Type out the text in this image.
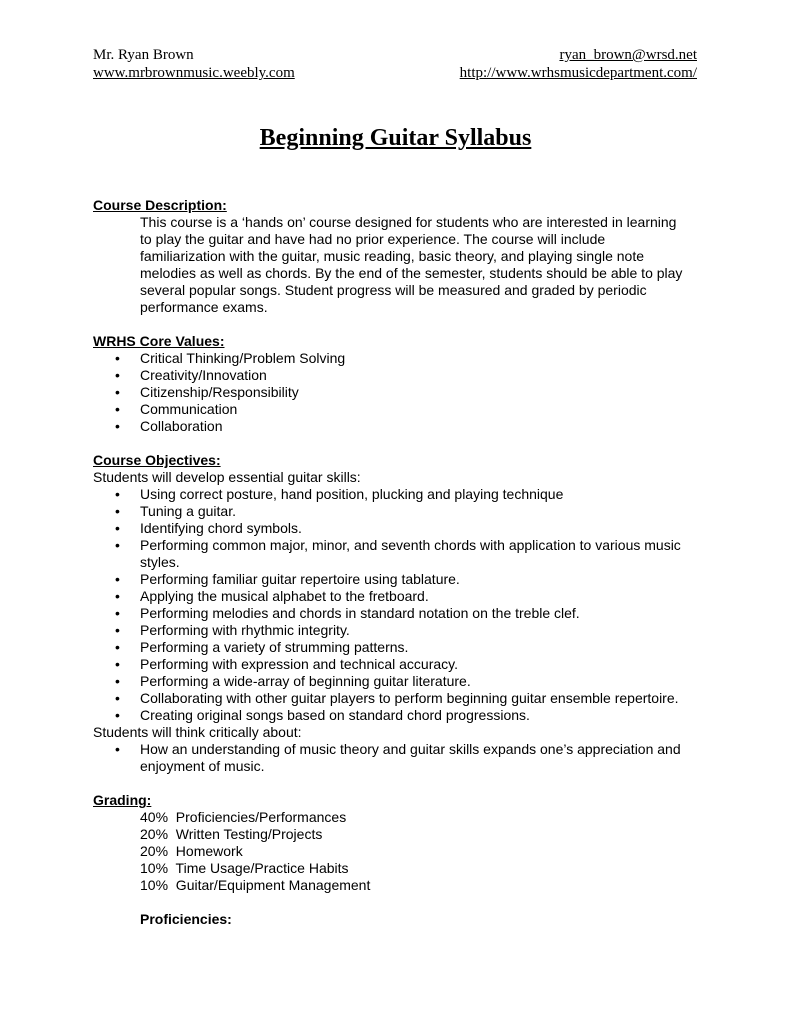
Mr. Ryan Brown
www.mrbrownmusic.weebly.com
ryan_brown@wrsd.net
http://www.wrhsmusicdepartment.com/
Beginning Guitar Syllabus
Course Description:
This course is a ‘hands on’ course designed for students who are interested in learning
to play the guitar and have had no prior experience. The course will include
familiarization with the guitar, music reading, basic theory, and playing single note
melodies as well as chords. By the end of the semester, students should be able to play
several popular songs. Student progress will be measured and graded by periodic
performance exams.
WRHS Core Values:
• Critical Thinking/Problem Solving
• Creativity/Innovation
• Citizenship/Responsibility
• Communication
• Collaboration
Course Objectives:
Students will develop essential guitar skills:
• Using correct posture, hand position, plucking and playing technique
• Tuning a guitar.
• Identifying chord symbols.
• Performing common major, minor, and seventh chords with application to various music
styles.
• Performing familiar guitar repertoire using tablature.
• Applying the musical alphabet to the fretboard.
• Performing melodies and chords in standard notation on the treble clef.
• Performing with rhythmic integrity.
• Performing a variety of strumming patterns.
• Performing with expression and technical accuracy.
• Performing a wide-array of beginning guitar literature.
• Collaborating with other guitar players to perform beginning guitar ensemble repertoire.
• Creating original songs based on standard chord progressions.
Students will think critically about:
• How an understanding of music theory and guitar skills expands one’s appreciation and
enjoyment of music.
Grading:
40%  Proficiencies/Performances
20%  Written Testing/Projects
20%  Homework
10%  Time Usage/Practice Habits
10%  Guitar/Equipment Management
Proficiencies:
